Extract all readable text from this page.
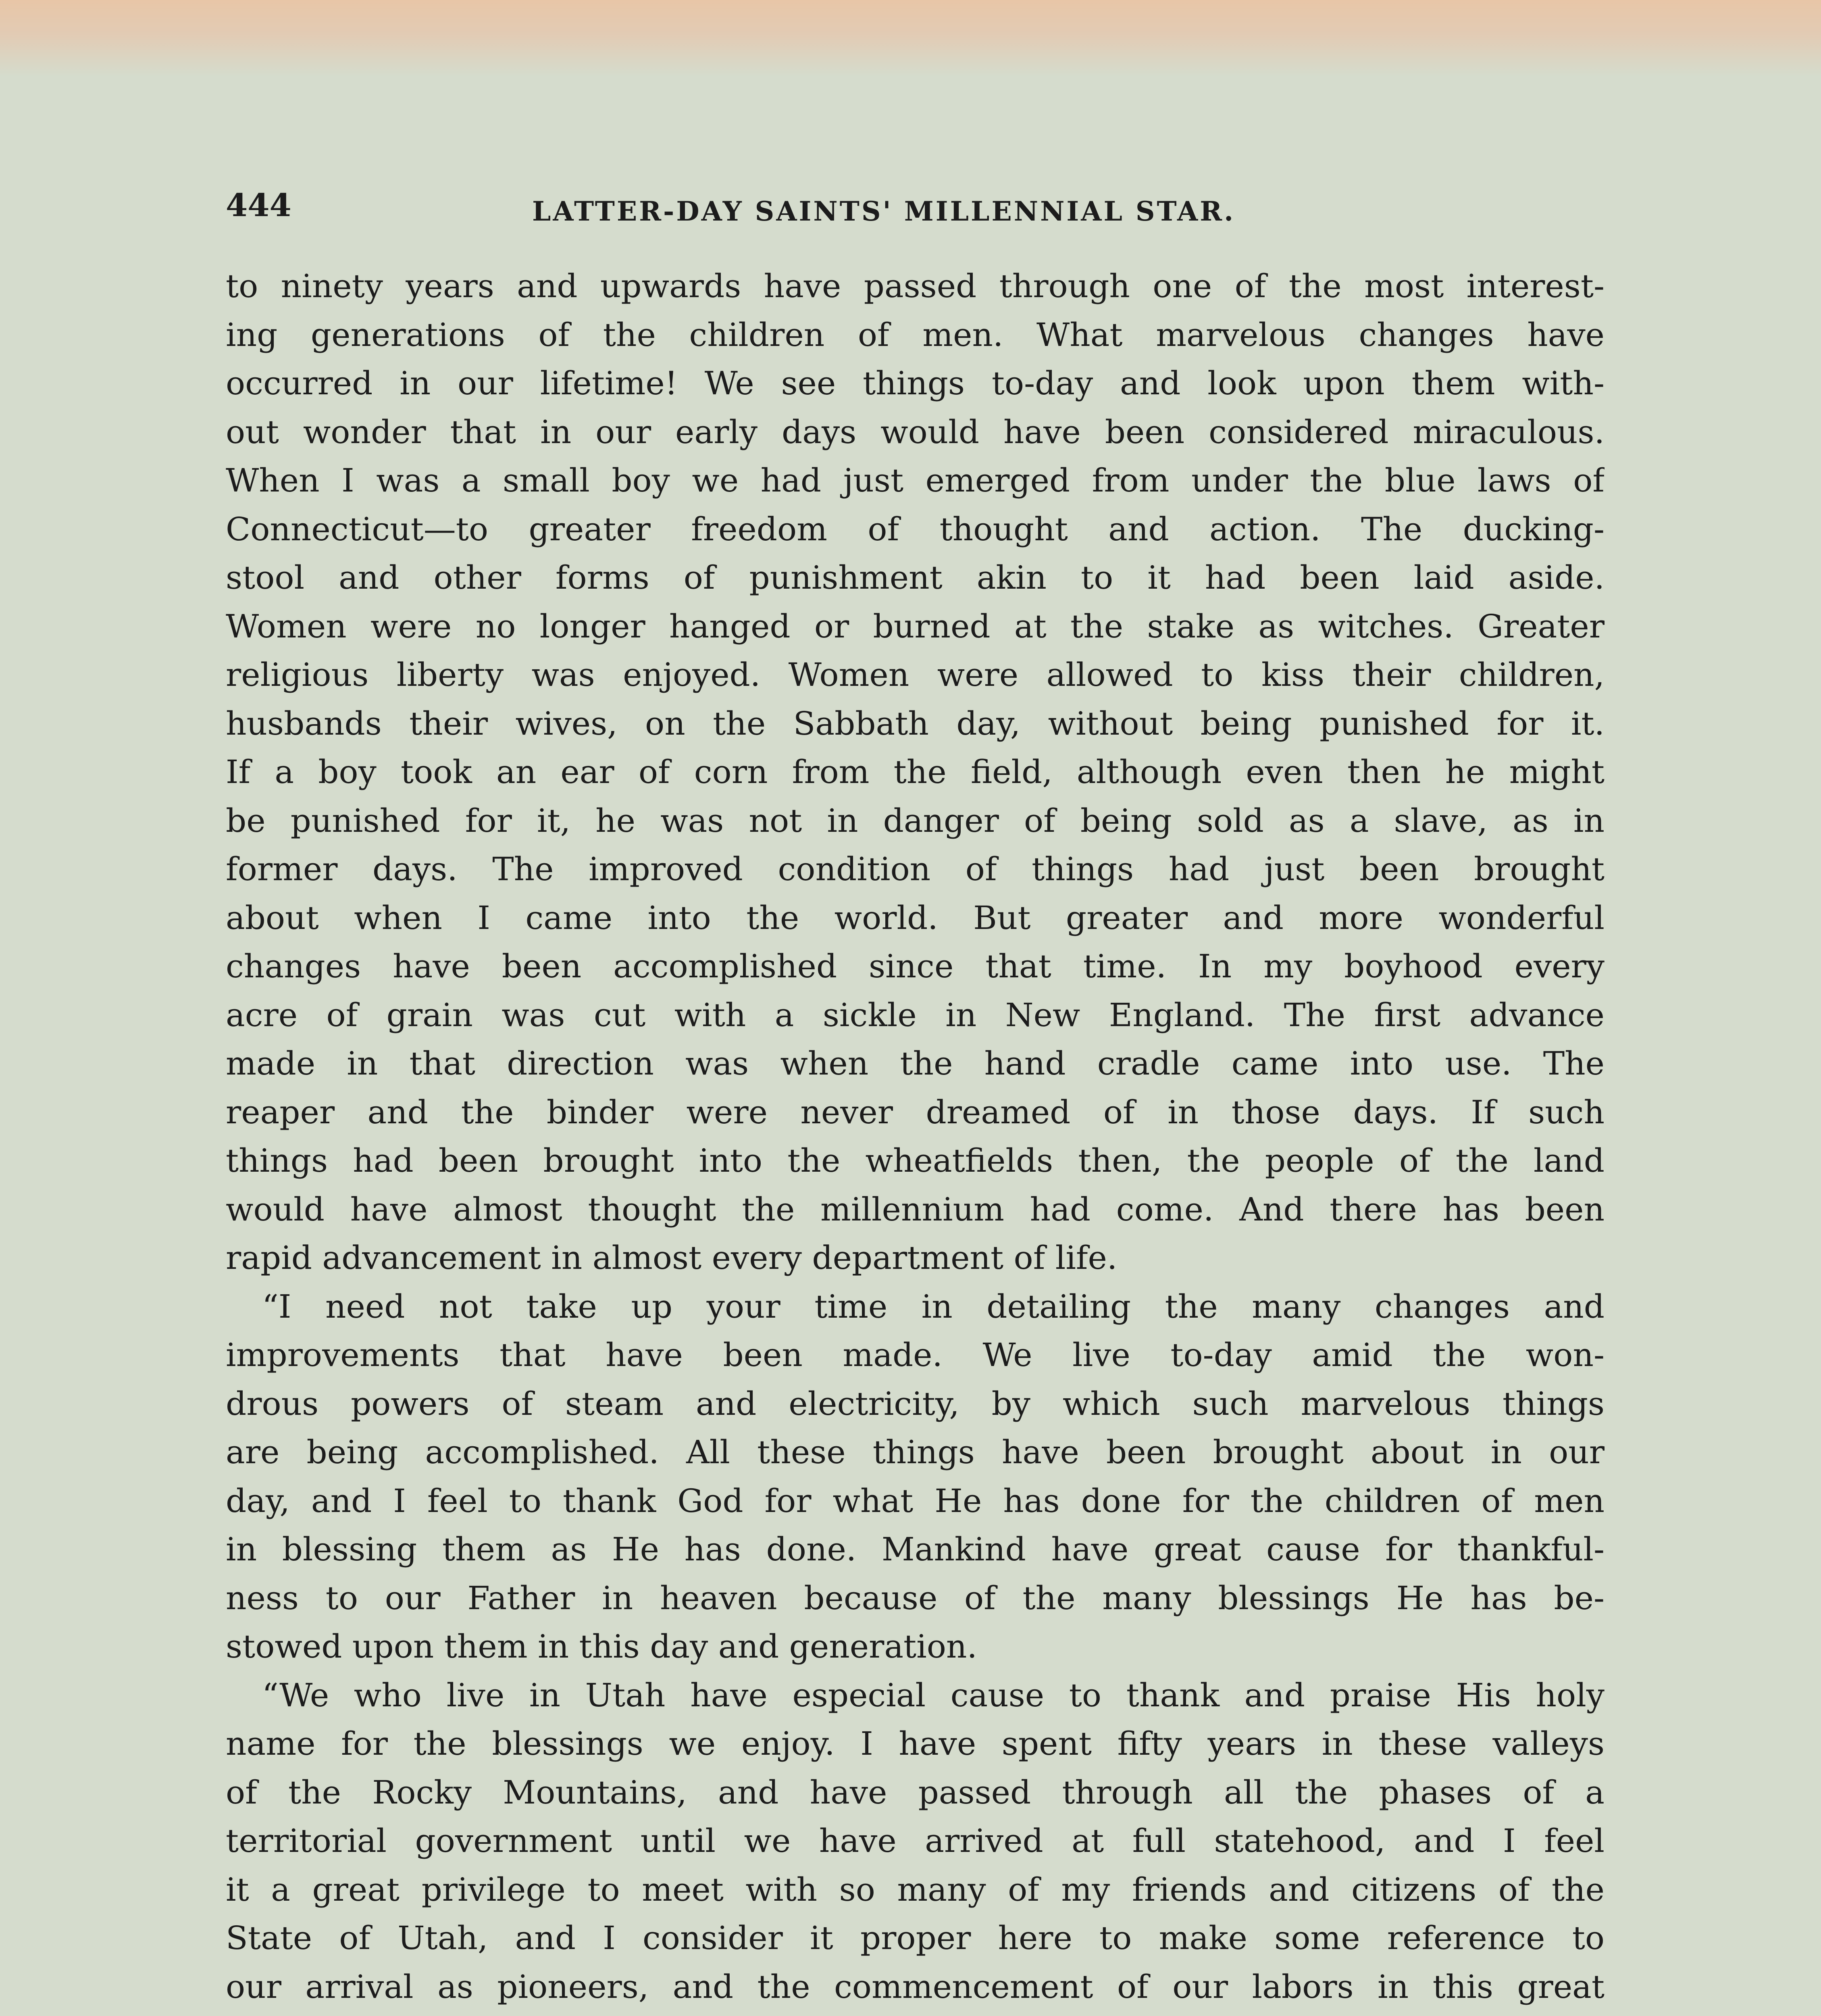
444	LATTER-DAY SAINTS' MILLENNIAL STAR.

to ninety years and upwards have passed through one of the most interest-
ing generations of the children of men. What marvelous changes have
occurred in our lifetime! We see things to-day and look upon them with-
out wonder that in our early days would have been considered miraculous.
When I was a small boy we had just emerged from under the blue laws of
Connecticut—to greater freedom of thought and action. The ducking-
stool and other forms of punishment akin to it had been laid aside.
Women were no longer hanged or burned at the stake as witches. Greater
religious liberty was enjoyed. Women were allowed to kiss their children,
husbands their wives, on the Sabbath day, without being punished for it.
If a boy took an ear of corn from the field, although even then he might
be punished for it, he was not in danger of being sold as a slave, as in
former days. The improved condition of things had just been brought
about when I came into the world. But greater and more wonderful
changes have been accomplished since that time. In my boyhood every
acre of grain was cut with a sickle in New England. The first advance
made in that direction was when the hand cradle came into use. The
reaper and the binder were never dreamed of in those days. If such
things had been brought into the wheatfields then, the people of the land
would have almost thought the millennium had come. And there has been
rapid advancement in almost every department of life.

“I need not take up your time in detailing the many changes and
improvements that have been made. We live to-day amid the won-
drous powers of steam and electricity, by which such marvelous things
are being accomplished. All these things have been brought about in our
day, and I feel to thank God for what He has done for the children of men
in blessing them as He has done. Mankind have great cause for thankful-
ness to our Father in heaven because of the many blessings He has be-
stowed upon them in this day and generation.

“We who live in Utah have especial cause to thank and praise His holy
name for the blessings we enjoy. I have spent fifty years in these valleys
of the Rocky Mountains, and have passed through all the phases of a
territorial government until we have arrived at full statehood, and I feel
it a great privilege to meet with so many of my friends and citizens of the
State of Utah, and I consider it proper here to make some reference to
our arrival as pioneers, and the commencement of our labors in this great
